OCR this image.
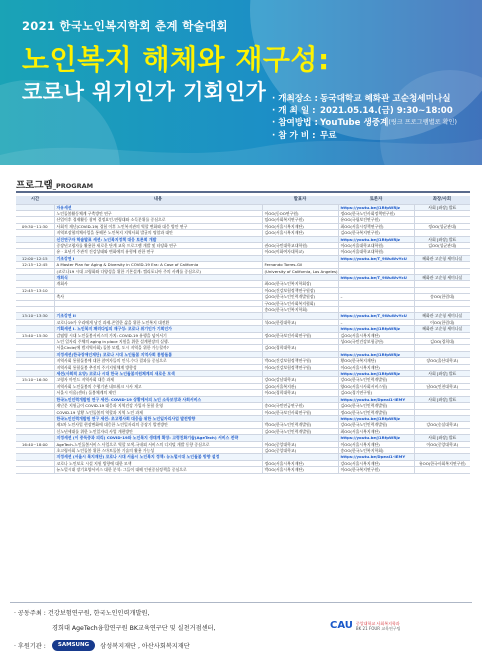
2021 한국노인복지학회 춘계 학술대회
노인복지 해체와 재구성:
코로나 위기인가 기회인가 · 개최장소 : 동국대학교 혜화관 고순청세미나실
· 개 최 일 : 2021.05.14.(금) 9:30~18:00
· 참여방법 : YouTube 생중계 (링크 프로그램별로 확인)
· 참 가 비 : 무료
프로그램_PROGRAM
시간	내용	발표자	토론자	좌장/사회
	자유세션		https://youtu.be/J1RfpWRjz	사회 [좌장] 발표
	노인돌봄활동체계 구축방안 연구	이OO(동OO연구원)	정OO(한국노인사회정책연구원)	
	산업이후 경제활동 참여 결정요인-연령대와 소득분위를 중심으로	임OO(사회복지연구원)	유OO(국립보건연구원)	
09:30~11:30	사회적 재난(COVID-19) 경험 이후 노인복지관의 역할 변화와 대응 방안 연구	이OO(서울시복지재단)	최OO(서울시정책연구원)	정OO(성균관대)
	지역보장협의체사업을 통해본 노인복지 지역사회 발굴의 명암과 대안	김OO(서울시복지재단)	김OO(한국복지연구원)	
	신진연구자 학술발표 세션: 노인복지정책 대응 토론회 개발		https://youtu.be/J1RfpWRjz	사회 [좌장] 발표
	중장년고령자를 활용한 새로운 단계 교육 프로그램 개발 및 타당화 연구	권OO(국민대학교대학원)	이OO(서울대학교대학원)	김OO(성균관대)
	유 · 요년기 주관적 건강상태와 변화에의 유형에 관한 연구	이OO(이화여자대학교)	이OO(서울대학교대학원)	
12:00~12:15	기조강연 I		https://youtu.be/T_9WuWvYcU	혜화관 고순청 세미나실
12:15~12:45	A Master Plan for Aging & Diversity in COVID-19 Era: A Case of California	Fernando Torres-Gil		
	(코로나19 시대 고령화와 다양성을 위한 기본설계: 캘리포니아 주의 사례를 중심으로)	(University of California, Los Angeles)		
	개회식		https://youtu.be/T_9WuWvYcU	혜화관 고순청 세미나실
	개회사	최OO(한국노인복지학회장)		
12:45~13:10		이OO(건강보험정책연구원장)		
	축사	김OO(한국노인인력개발원장)	–	송OO(한림대)
		구OO(한국노인사회복지협회)		
		송OO(한국노인복지학회)		
13:10~13:30	기조강연 II		https://youtu.be/T_9WuWvYcU	혜화관 고순청 세미나실
	코로나19가 우리에게 남긴 과제-존엄한 삶을 위한 노인복지 대전환	석OO(한림대학교)	–	이OO(한림대)
	기획세션 I. 노인복지 패러다임의 재구성: 코로나 위기인가 기회인가		https://youtu.be/J1RfpWRjz	혜화관 고순청 세미나실
13:40~15:30	감염병 시대 노인돌봄서비스의 가치: COVID-19 유행을 넘어서기	정OO(한국보건사회연구원)	김OO(서울시복지재단)	
	노인 일자리 주체의 aging in place 지원을 위한 설계현장의 실행-		성OO(국민건강보험공단)	김OO(경희대)
	서울Circle(에 범지역사회) 돌봄 모델, 도시 지역을 위한 가능할까?	김OO(경희대학교)		
	지정세션(한국장애인재단) 코로나 시대 노인돌봄 지역사회 통합돌봄		https://youtu.be/J1RfpWRjz	
	지역사회 통합돌봄에 대한 참여자들의 인식-수다 결과를 중심으로	박OO(건강보험정책연구원)	황OO(한국복지재단)	장OO(울산대학교)
	지역사회 통합돌봄 추진의 주거지원체계 방향성	이OO(건강보험정책연구원)	이OO(서울시복지재단)	
	세션(사회적 요양) 코로나 시대 한국 노인돌봄지원체계의 새로운 모색		https://youtu.be/J1RfpWRjz	사회 [좌장] 발표
15:10~16:30	고령자 마인드 지역사회 대응 과제	강OO(강남대학교)	강OO(한국노인인력개발원)	
	지역사회 노인돌봄의 수행기관 네트워크 시사 제고	김OO(서울복지관)	양OO(서울시사회서비스원)	남OO(인천대학교)
	서울시 이음(센터) 돌봄체계의 제언	이OO(경희대학교)	김OO(경기연구원)	
	한국노인인력개발원 연구 세션: COVID-19 상황에서의 노인 소득보장과 사회서비스		https://youtu.be/Dpeal1-IEMY	사회 [좌장] 발표
	재난문 지원금이 COVID-19 대응과 지역건강 가입자 통합 운영	송OO(국민연금연구원)	김OO(한국노인인력개발원)	
	COVID-19 상황 노인돌봄의 역할과 지역 노인 과제	이OO(한국보건사회연구원)	정OO(한국노인인력개발원)	
	한국노인인력개발원 연구 세션: 초고령사회 대응을 위한 노인일자리사업 발전방향		https://youtu.be/J1RfpWRjz	
	제3차 노인사업 현장변화에 대응한 노인일자리의 중장기 발전방안	박OO(한국노인인력개발원)	강OO(한국노인인력개발원)	강OO(숭실대학교)
	신노년세대를 위한 노인일자리 사업 개편방안	김OO(한국노인인력개발원)	최OO(서울시복지재단)	
	지정세션 (이 중독중과 의리) COVID-19와 노인복지 생태계 확장: 고령친화기술(AgeTech) 서비스 전략		https://youtu.be/J1RfpWRjz	사회 [좌장] 발표
16:40~18:00	AgeTech-노인돌봄서비스 사업으로 역할 모색-국내외 서비스의 디지털 개발 동향 중심으로	이OO(중앙대학교)	이OO(서울시복지재단)	이OO(중앙대학교)
	초고령사회 노인돌봄 위한 스마트돌봄 기술의 활용 가능성	김OO(중앙대학교)	송OO(한국노인복지학회)	
	지정세션 (서울시 복지재단) 코로나 시대 서울시 노인복지 정책: 뉴노멀시대 노인돌봄 방향 설정		https://youtu.be/Dpeal1-IEMY	
	코로나 노인보호 시설 지원 방향에 대한 모색	정OO(서울시복지재단)	강OO(서울시복지재단)	유OO(한국사회복지연구원)
	뉴노멀시대 장기요양서비스 대한 분석: 그들이 대해 인권중심정책을 중심으로	박OO(서울시복지재단)	이OO(한국복지연구원)	
· 공동주최 : 건강보험연구원, 한국노인인력개발원,
경희대 AgeTech융합연구원 BK교육연구단 및 실천거점센터,	CAU 중앙대학교 사회복지학과
BK 21 FOUR 교육연구팀
· 후원기관 :	SAMSUNG	삼성복지재단 , 아산사회복지재단
